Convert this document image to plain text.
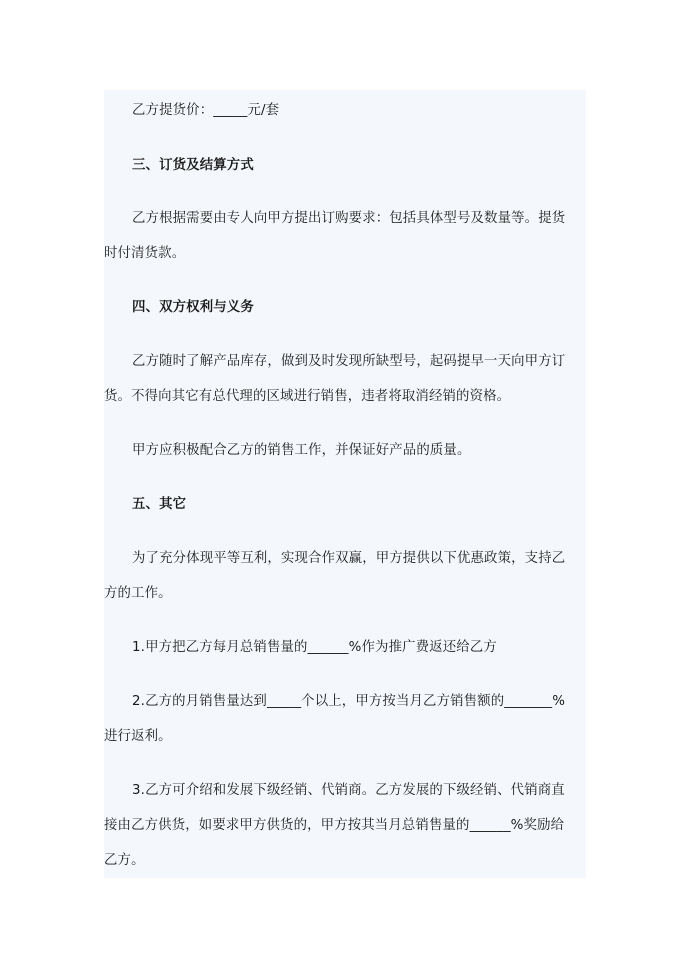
乙方提货价：_____元/套
三、订货及结算方式
乙方根据需要由专人向甲方提出订购要求：包括具体型号及数量等。提货
时付清货款。
四、双方权利与义务
乙方随时了解产品库存，做到及时发现所缺型号，起码提早一天向甲方订
货。不得向其它有总代理的区域进行销售，违者将取消经销的资格。
甲方应积极配合乙方的销售工作，并保证好产品的质量。
五、其它
为了充分体现平等互利，实现合作双赢，甲方提供以下优惠政策，支持乙
方的工作。
1.甲方把乙方每月总销售量的______%作为推广费返还给乙方
2.乙方的月销售量达到_____个以上，甲方按当月乙方销售额的_______%
进行返利。
3.乙方可介绍和发展下级经销、代销商。乙方发展的下级经销、代销商直
接由乙方供货，如要求甲方供货的，甲方按其当月总销售量的______%奖励给
乙方。
